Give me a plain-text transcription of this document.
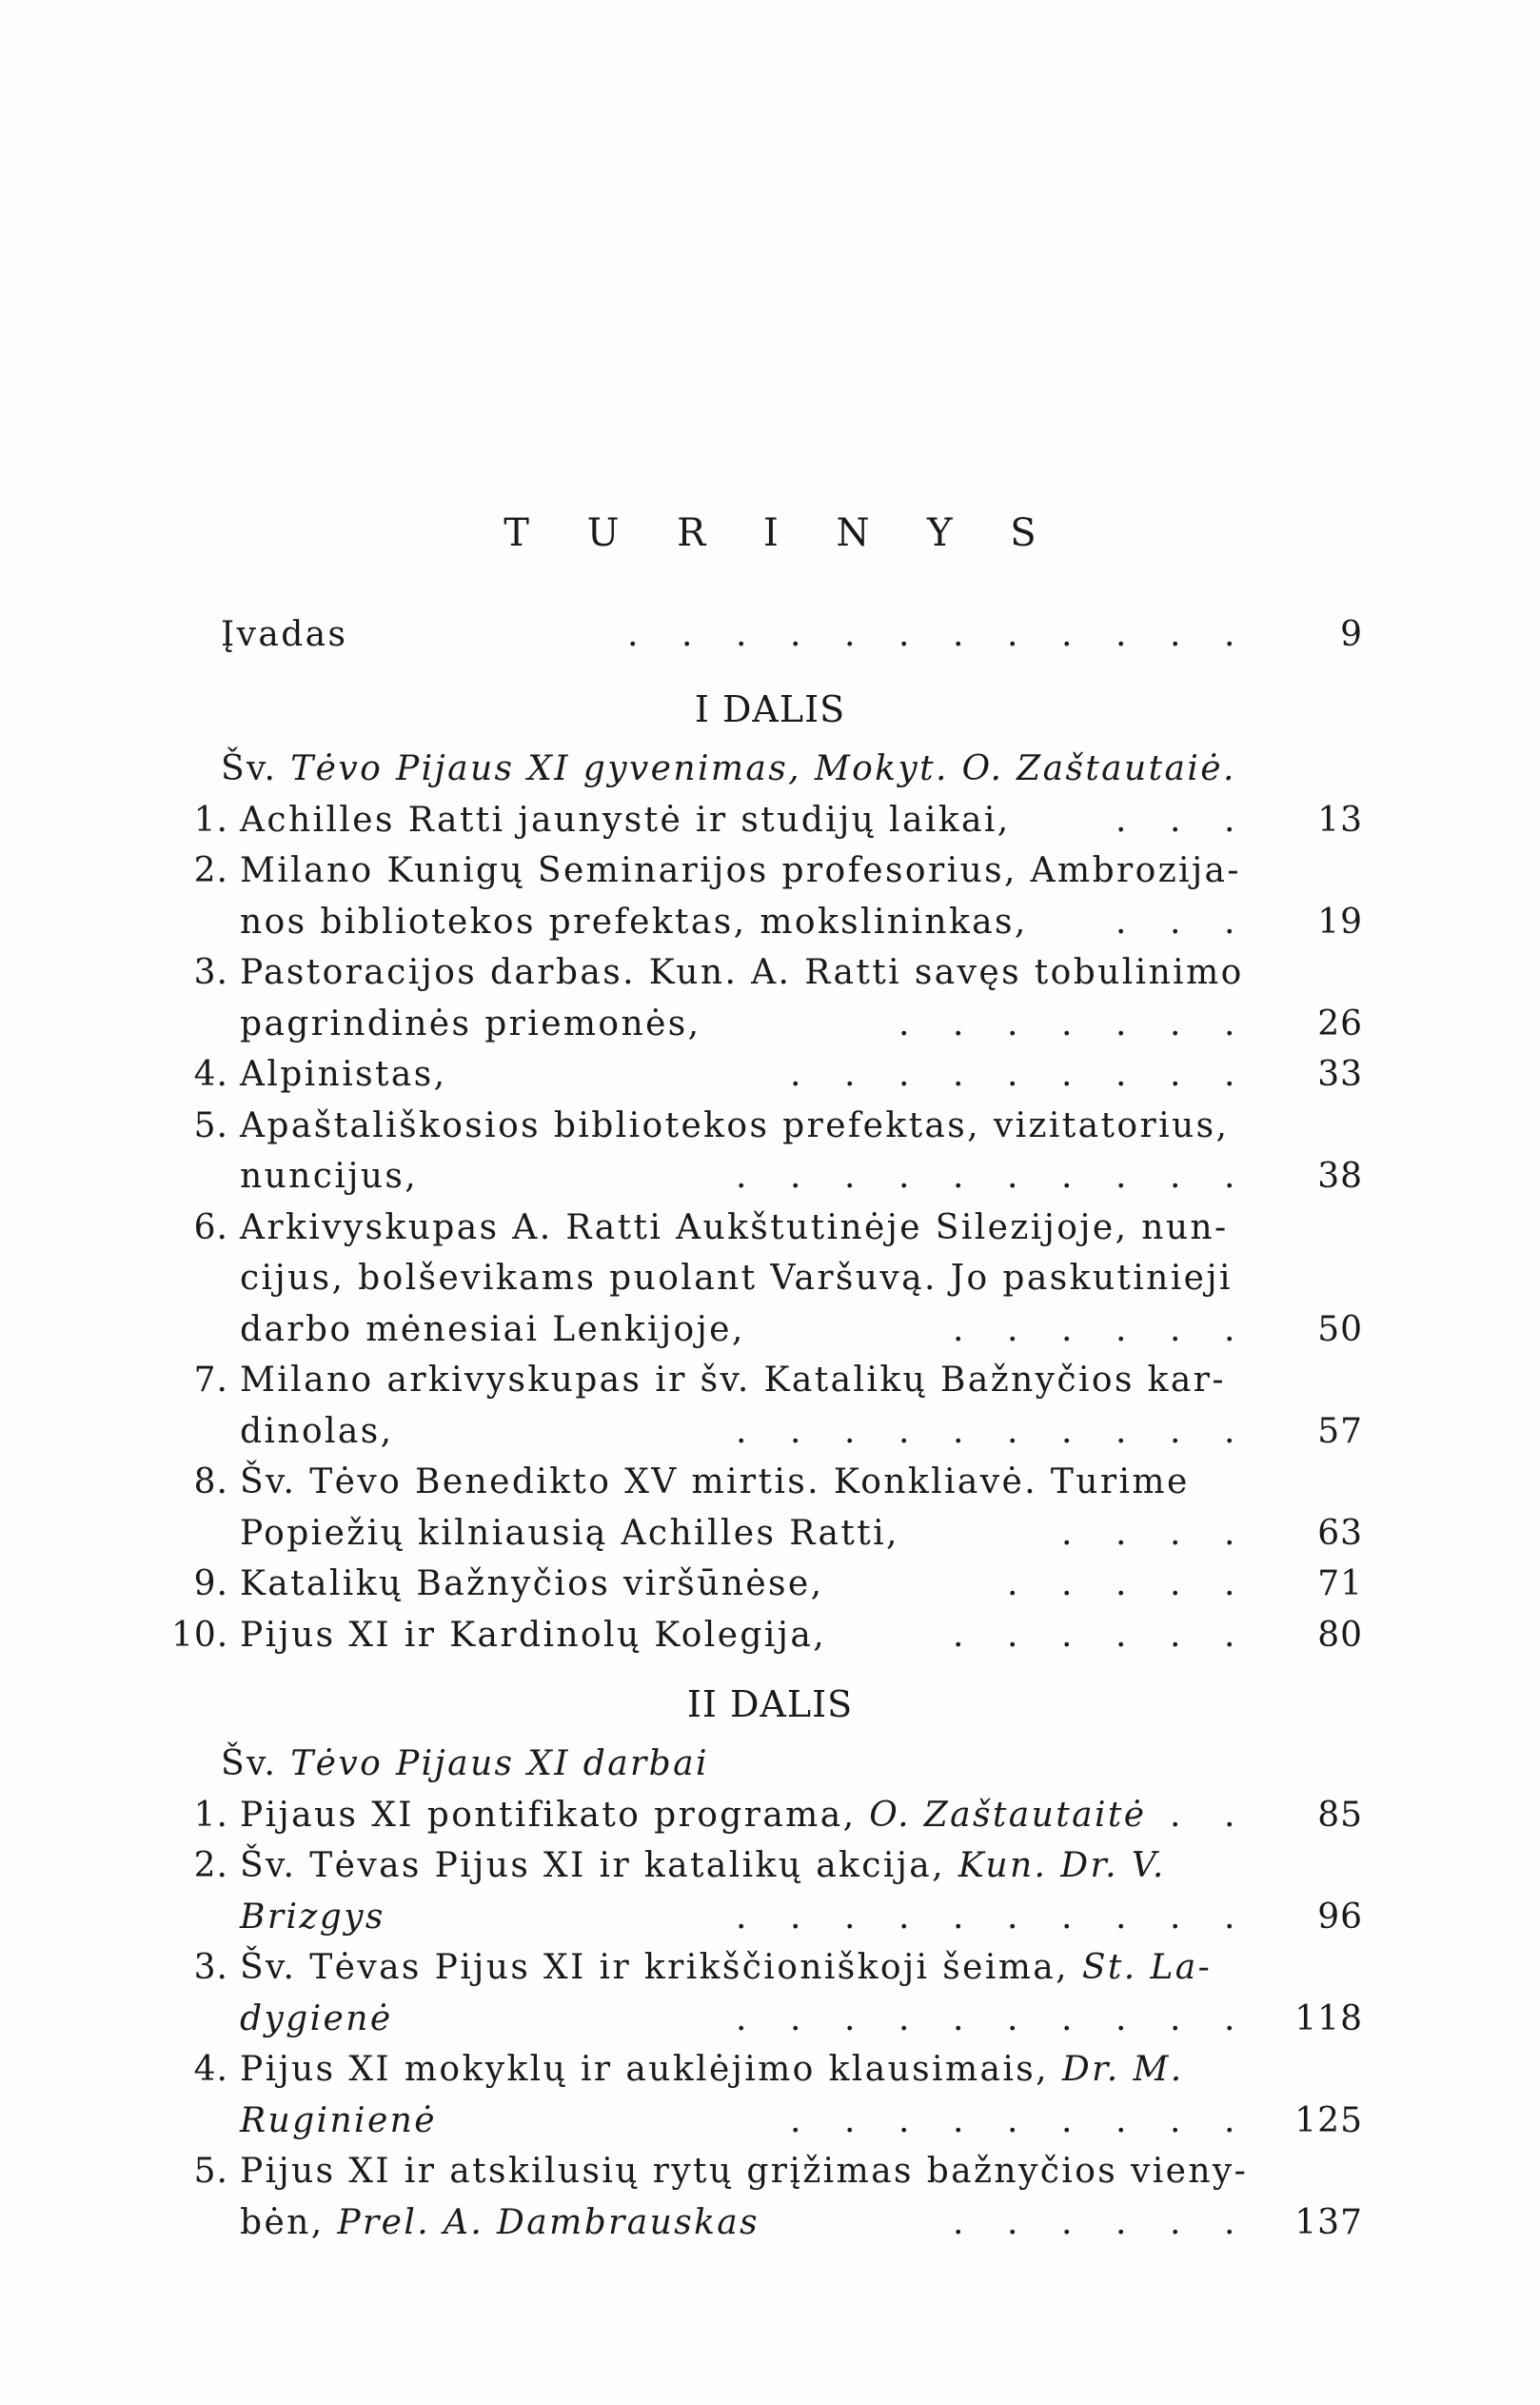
T U R I N Y S
Įvadas	. . . . . . . . . . . .	9
I DALIS
Šv. Tėvo Pijaus XI gyvenimas, Mokyt. O. Zaštautaiė.
1. Achilles Ratti jaunystė ir studijų laikai,	. . . 13
2. Milano Kunigų Seminarijos profesorius, Ambrozija-
nos bibliotekos prefektas, mokslininkas,	. . . 19
3. Pastoracijos darbas. Kun. A. Ratti savęs tobulinimo
pagrindinės priemonės,	. . . . . . . 26
4. Alpinistas,	. . . . . . . . . 33
5. Apaštališkosios bibliotekos prefektas, vizitatorius,
nuncijus,	. . . . . . . . . . 38
6. Arkivyskupas A. Ratti Aukštutinėje Silezijoje, nun-
cijus, bolševikams puolant Varšuvą. Jo paskutinieji
darbo mėnesiai Lenkijoje,	. . . . . . 50
7. Milano arkivyskupas ir šv. Katalikų Bažnyčios kar-
dinolas,	. . . . . . . . . . 57
8. Šv. Tėvo Benedikto XV mirtis. Konkliavė. Turime
Popiežių kilniausią Achilles Ratti,	. . . . 63
9. Katalikų Bažnyčios viršūnėse,	. . . . . 71
10. Pijus XI ir Kardinolų Kolegija,	. . . . . . 80
II DALIS
Šv. Tėvo Pijaus XI darbai
1. Pijaus XI pontifikato programa, O. Zaštautaitė . . 85
2. Šv. Tėvas Pijus XI ir katalikų akcija, Kun. Dr. V.
Brizgys	. . . . . . . . . . 96
3. Šv. Tėvas Pijus XI ir krikščioniškoji šeima, St. La-
dygienė	. . . . . . . . . . 118
4. Pijus XI mokyklų ir auklėjimo klausimais, Dr. M.
Ruginienė	. . . . . . . . . 125
5. Pijus XI ir atskilusių rytų grįžimas bažnyčios vieny-
bėn, Prel. A. Dambrauskas	. . . . . . 137
